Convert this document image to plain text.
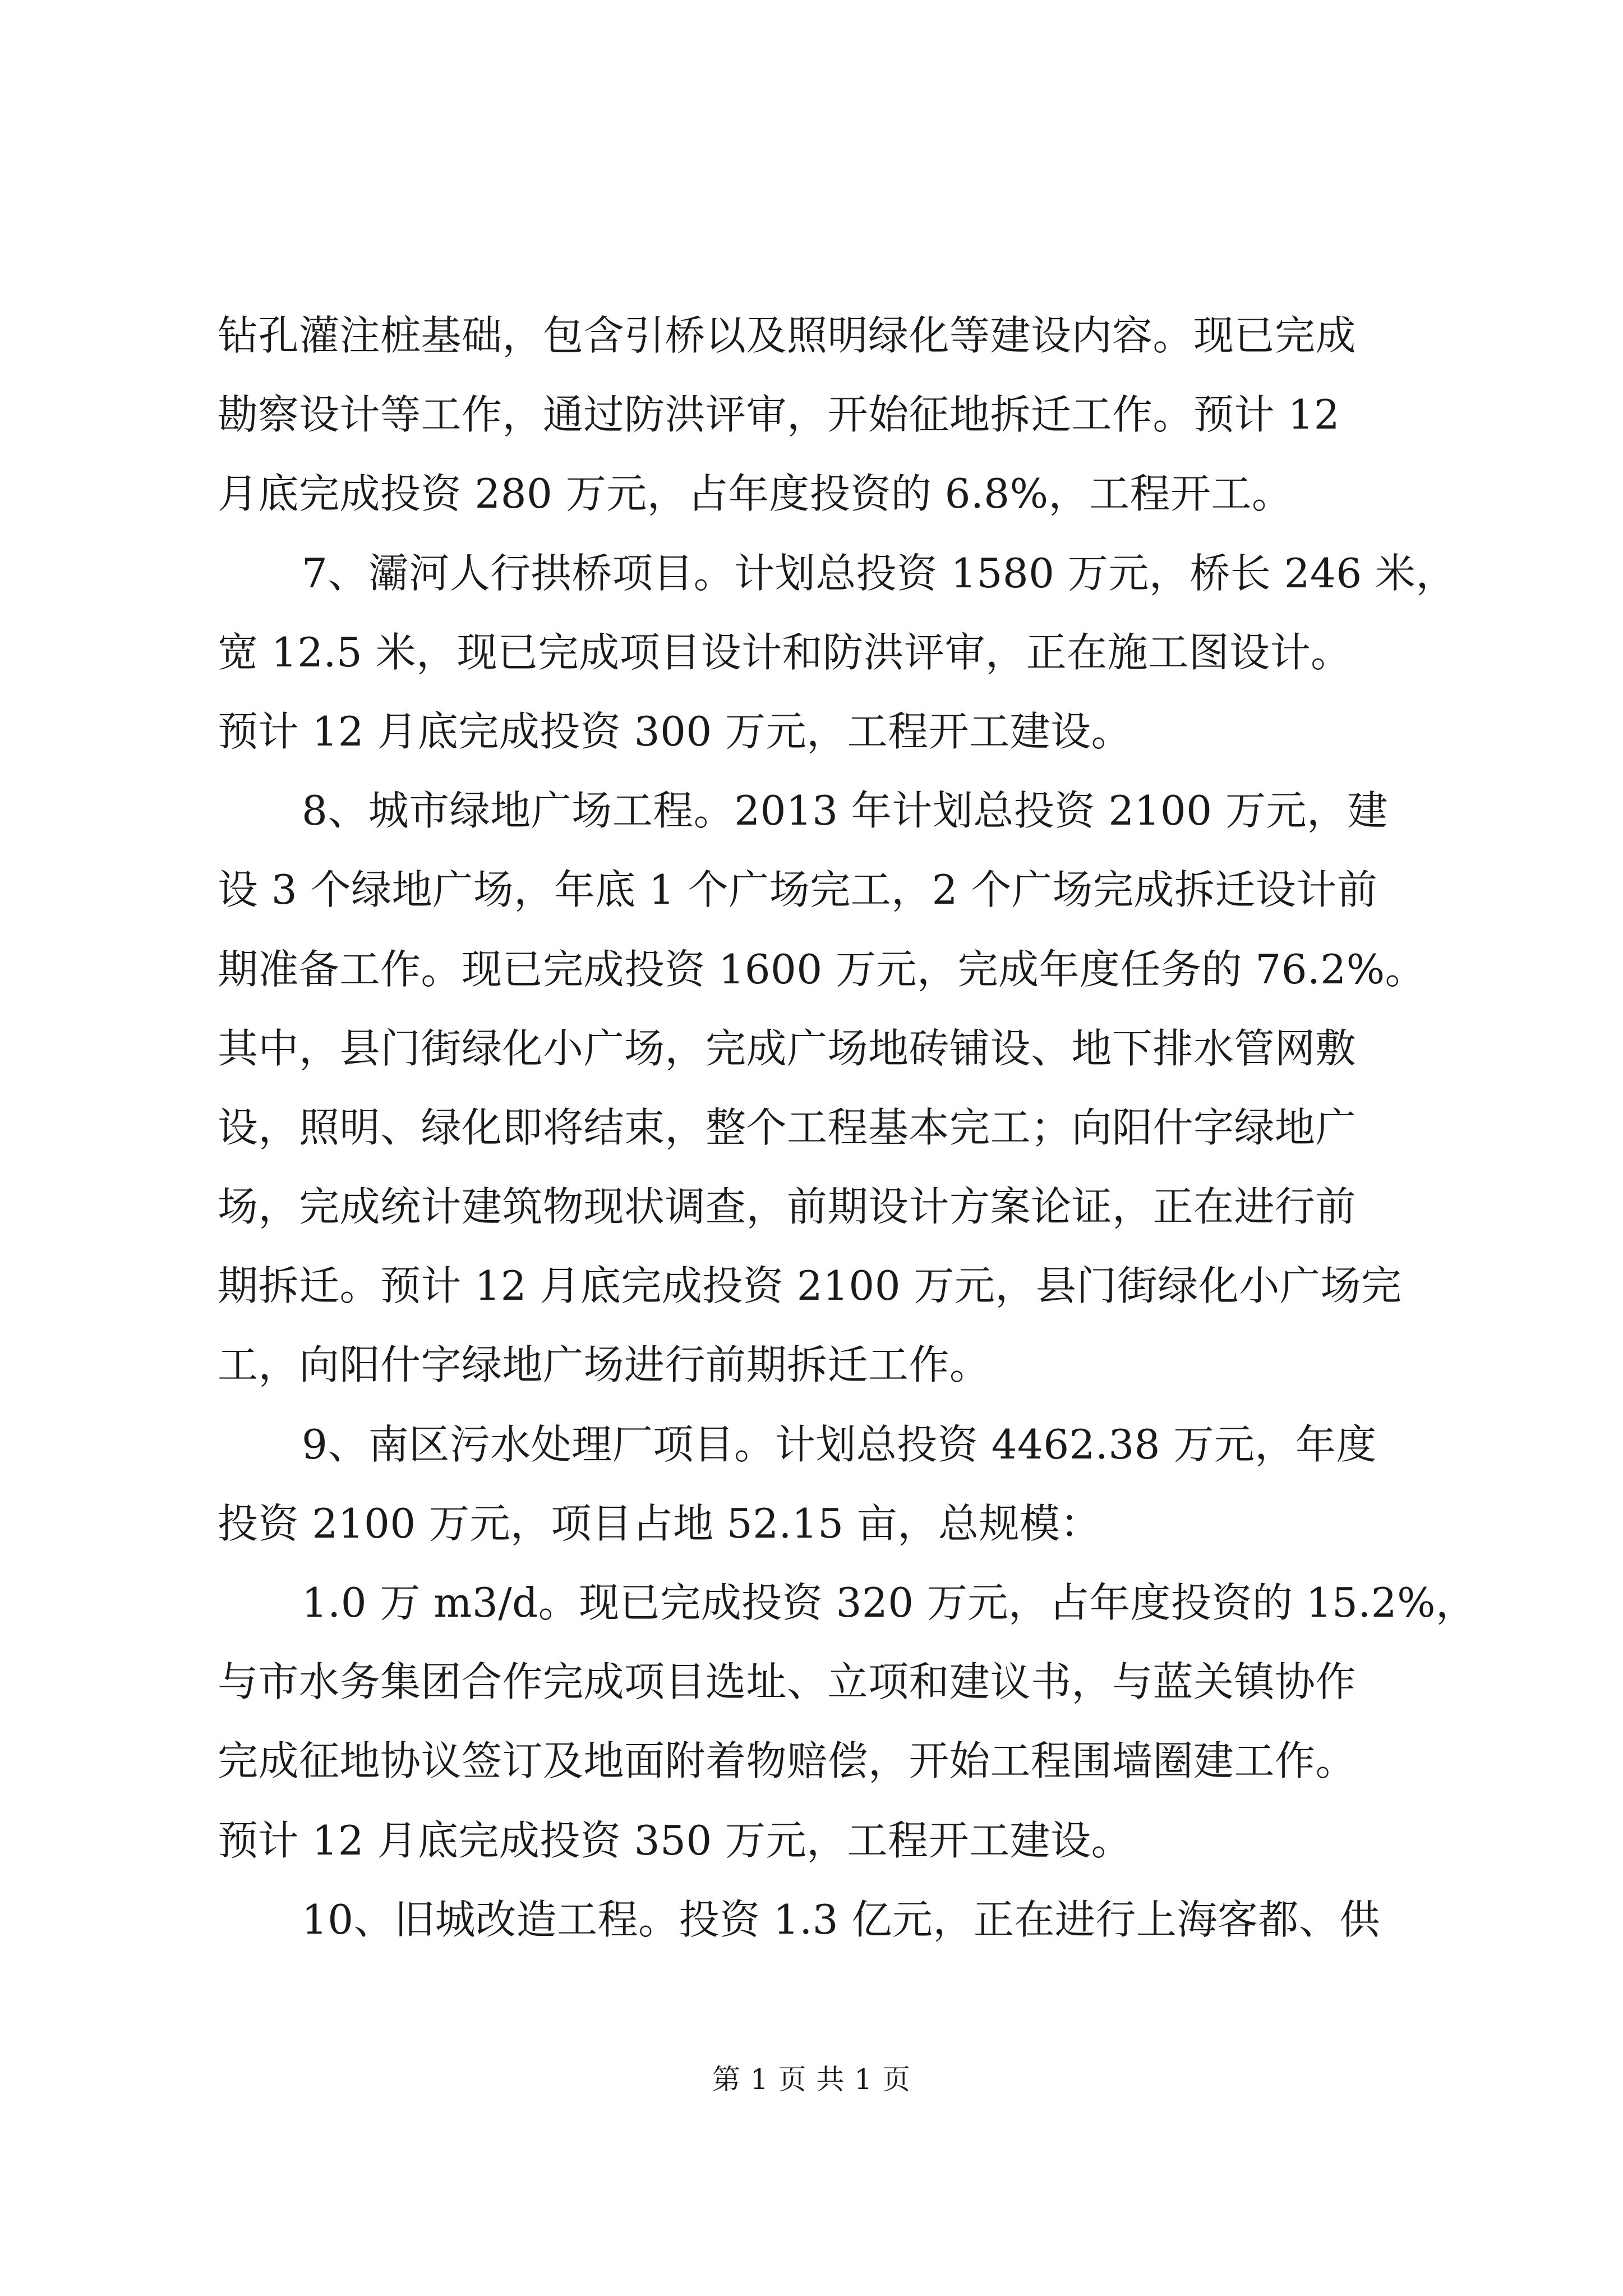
钻孔灌注桩基础，包含引桥以及照明绿化等建设内容。现已完成
勘察设计等工作，通过防洪评审，开始征地拆迁工作。预计 12
月底完成投资 280 万元，占年度投资的 6.8%，工程开工。
7、灞河人行拱桥项目。计划总投资 1580 万元，桥长 246 米，
宽 12.5 米，现已完成项目设计和防洪评审，正在施工图设计。
预计 12 月底完成投资 300 万元，工程开工建设。
8、城市绿地广场工程。2013 年计划总投资 2100 万元，建
设 3 个绿地广场，年底 1 个广场完工，2 个广场完成拆迁设计前
期准备工作。现已完成投资 1600 万元，完成年度任务的 76.2%。
其中，县门街绿化小广场，完成广场地砖铺设、地下排水管网敷
设，照明、绿化即将结束，整个工程基本完工；向阳什字绿地广
场，完成统计建筑物现状调查，前期设计方案论证，正在进行前
期拆迁。预计 12 月底完成投资 2100 万元，县门街绿化小广场完
工，向阳什字绿地广场进行前期拆迁工作。
9、南区污水处理厂项目。计划总投资 4462.38 万元，年度
投资 2100 万元，项目占地 52.15 亩，总规模：
1.0 万 m3/d。现已完成投资 320 万元，占年度投资的 15.2%，
与市水务集团合作完成项目选址、立项和建议书，与蓝关镇协作
完成征地协议签订及地面附着物赔偿，开始工程围墙圈建工作。
预计 12 月底完成投资 350 万元，工程开工建设。
10、旧城改造工程。投资 1.3 亿元，正在进行上海客都、供
第 1 页 共 1 页
